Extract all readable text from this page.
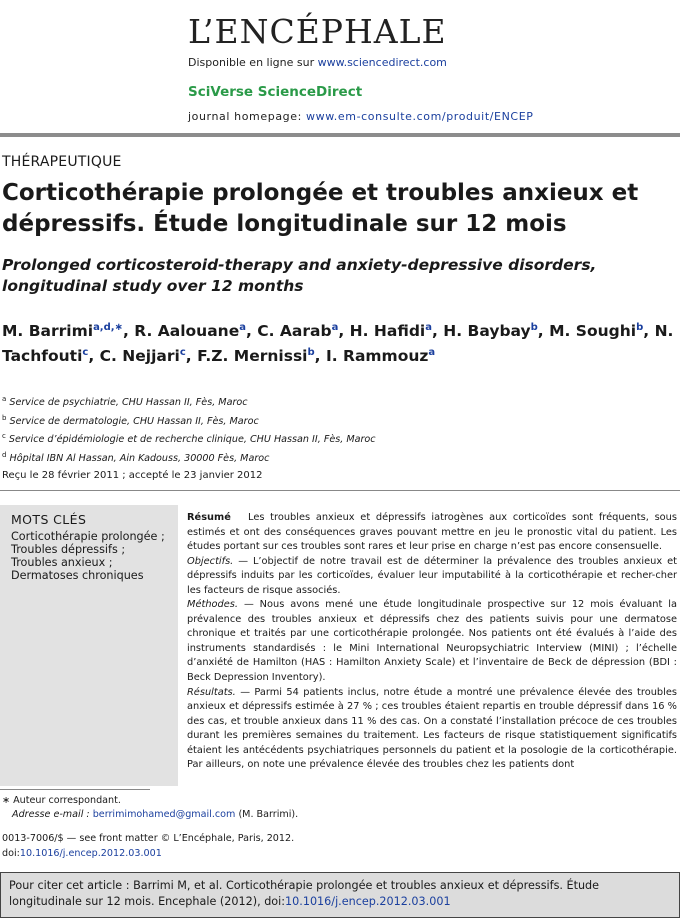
L’ENCÉPHALE
Disponible en ligne sur www.sciencedirect.com
SciVerse ScienceDirect
journal homepage: www.em-consulte.com/produit/ENCEP
THÉRAPEUTIQUE
Corticothérapie prolongée et troubles anxieux et dépressifs. Étude longitudinale sur 12 mois
Prolonged corticosteroid-therapy and anxiety-depressive disorders, longitudinal study over 12 months
M. Barrimi$^{a,d,∗}$, R. Aalouane$^a$, C. Aarab$^a$, H. Hafidi$^a$, H. Baybay$^b$, M. Soughi$^b$, N. Tachfouti$^c$, C. Nejjari$^c$, F.Z. Mernissi$^b$, I. Rammouz$^a$
$^a$ Service de psychiatrie, CHU Hassan II, Fès, Maroc
$^b$ Service de dermatologie, CHU Hassan II, Fès, Maroc
$^c$ Service d’épidémiologie et de recherche clinique, CHU Hassan II, Fès, Maroc
$^d$ Hôpital IBN Al Hassan, Ain Kadouss, 30000 Fès, Maroc
Reçu le 28 février 2011 ; accepté le 23 janvier 2012
MOTS CLÉS
Corticothérapie prolongée ;
Troubles dépressifs ;
Troubles anxieux ;
Dermatoses chroniques

Résumé Les troubles anxieux et dépressifs iatrogènes aux corticoïdes sont fréquents, sous estimés et ont des conséquences graves pouvant mettre en jeu le pronostic vital du patient. Les études portant sur ces troubles sont rares et leur prise en charge n’est pas encore consensuelle.

Objectifs. — L’objectif de notre travail est de déterminer la prévalence des troubles anxieux et dépressifs induits par les corticoïdes, évaluer leur imputabilité à la corticothérapie et recher-cher les facteurs de risque associés.

Méthodes. — Nous avons mené une étude longitudinale prospective sur 12 mois évaluant la prévalence des troubles anxieux et dépressifs chez des patients suivis pour une dermatose chronique et traités par une corticothérapie prolongée. Nos patients ont été évalués à l’aide des instruments standardisés : le Mini International Neuropsychiatric Interview (MINI) ; l’échelle d’anxiété de Hamilton (HAS : Hamilton Anxiety Scale) et l’inventaire de Beck de dépression (BDI : Beck Depression Inventory).

Résultats. — Parmi 54 patients inclus, notre étude a montré une prévalence élevée des troubles anxieux et dépressifs estimée à 27 % ; ces troubles étaient repartis en trouble dépressif dans 16 % des cas, et trouble anxieux dans 11 % des cas. On a constaté l’installation précoce de ces troubles durant les premières semaines du traitement. Les facteurs de risque statistiquement significatifs étaient les antécédents psychiatriques personnels du patient et la posologie de la corticothérapie. Par ailleurs, on note une prévalence élevée des troubles chez les patients dont

∗ Auteur correspondant.
Adresse e-mail : berrimimohamed@gmail.com (M. Barrimi).
0013-7006/$ — see front matter © L’Encéphale, Paris, 2012.
doi:10.1016/j.encep.2012.03.001
Pour citer cet article : Barrimi M, et al. Corticothérapie prolongée et troubles anxieux et dépressifs. Étude longitudinale sur 12 mois. Encephale (2012), doi:10.1016/j.encep.2012.03.001
